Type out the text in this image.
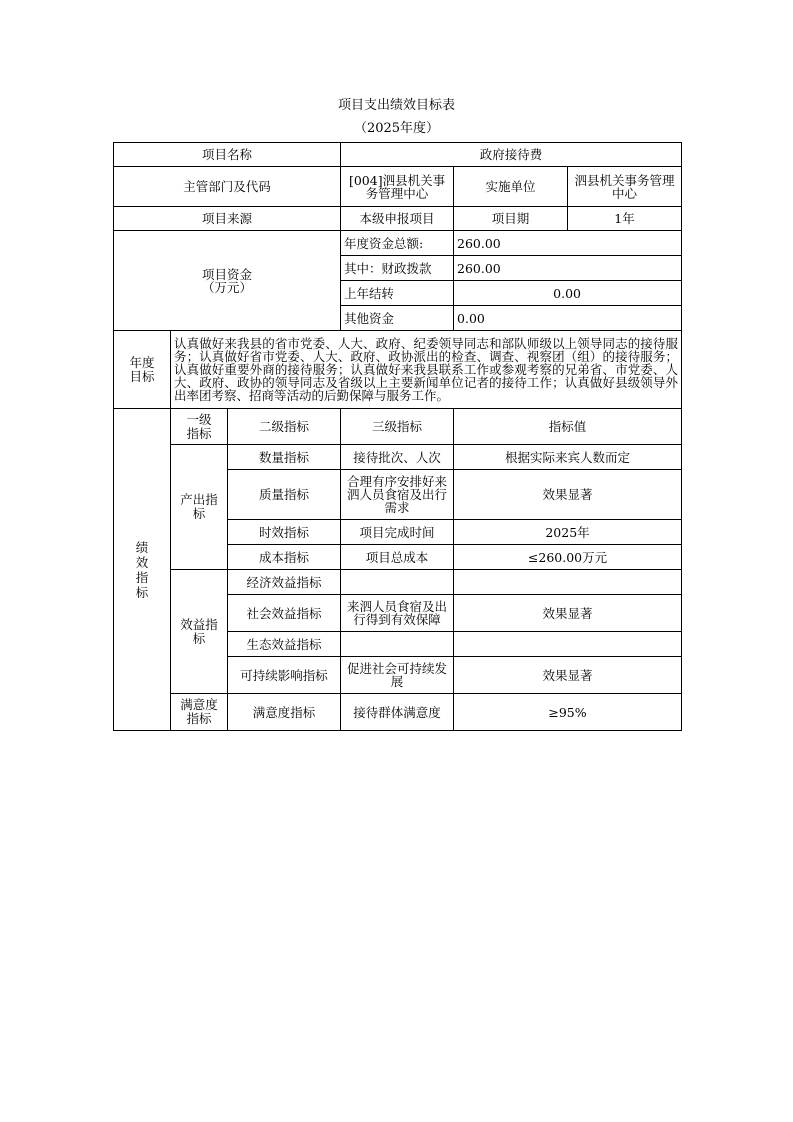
项目支出绩效目标表
（2025年度）
项目名称			政府接待费		
主管部门及代码			[004]泗县机关事务管理中心	实施单位	泗县机关事务管理中心
项目来源			本级申报项目	项目期	1年
项目资金
（万元）			年度资金总额:	260.00	
			其中：财政拨款	260.00	
			上年结转	0.00	
			其他资金	0.00	
年度目标	认真做好来我县的省市党委、人大、政府、纪委领导同志和部队师级以上领导同志的接待服务；认真做好省市党委、人大、政府、政协派出的检查、调查、视察团（组）的接待服务；认真做好重要外商的接待服务；认真做好来我县联系工作或参观考察的兄弟省、市党委、人大、政府、政协的领导同志及省级以上主要新闻单位记者的接待工作；认真做好县级领导外出率团考察、招商等活动的后勤保障与服务工作。				
绩效指标	一级指标	二级指标	三级指标	指标值	
	产出指标	数量指标	接待批次、人次	根据实际来宾人数而定	
		质量指标	合理有序安排好来泗人员食宿及出行需求	效果显著	
		时效指标	项目完成时间	2025年	
		成本指标	项目总成本	≤260.00万元	
	效益指标	经济效益指标			
		社会效益指标	来泗人员食宿及出行得到有效保障	效果显著	
		生态效益指标			
		可持续影响指标	促进社会可持续发展	效果显著	
	满意度指标	满意度指标	接待群体满意度	≥95%	
